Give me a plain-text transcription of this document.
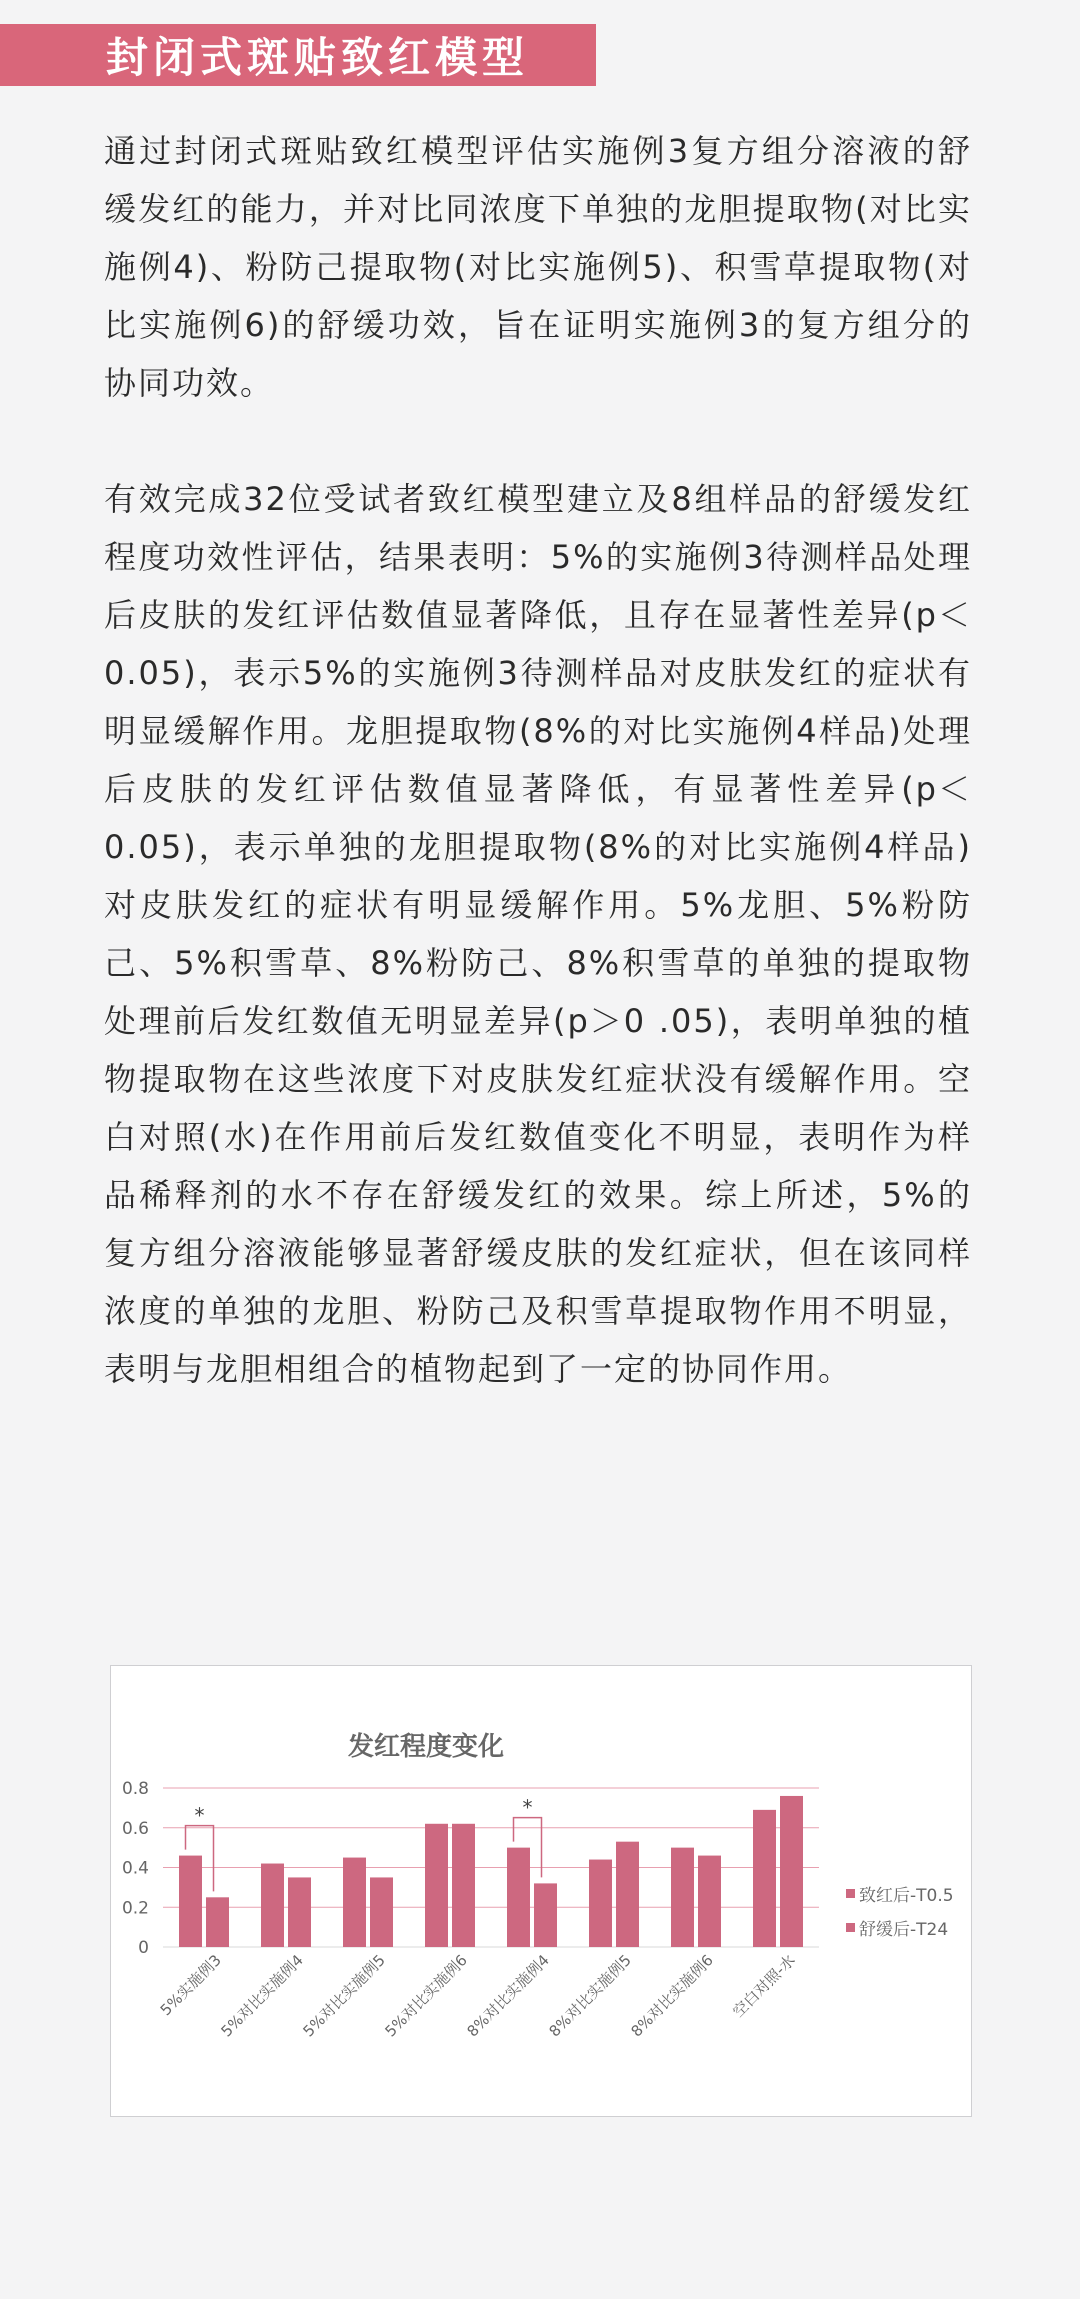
封闭式斑贴致红模型

通过封闭式斑贴致红模型评估实施例3复方组分溶液的舒缓发红的能力，并对比同浓度下单独的龙胆提取物(对比实施例4)、粉防己提取物(对比实施例5)、积雪草提取物(对比实施例6)的舒缓功效，旨在证明实施例3的复方组分的协同功效。

有效完成32位受试者致红模型建立及8组样品的舒缓发红程度功效性评估，结果表明：5%的实施例3待测样品处理后皮肤的发红评估数值显著降低，且存在显著性差异(p＜0.05)，表示5%的实施例3待测样品对皮肤发红的症状有明显缓解作用。龙胆提取物(8%的对比实施例4样品)处理后皮肤的发红评估数值显著降低，有显著性差异(p＜0.05)，表示单独的龙胆提取物(8%的对比实施例4样品)对皮肤发红的症状有明显缓解作用。5%龙胆、5%粉防己、5%积雪草、8%粉防己、8%积雪草的单独的提取物处理前后发红数值无明显差异(p＞0 .05)，表明单独的植物提取物在这些浓度下对皮肤发红症状没有缓解作用。空白对照(水)在作用前后发红数值变化不明显，表明作为样品稀释剂的水不存在舒缓发红的效果。综上所述，5%的复方组分溶液能够显著舒缓皮肤的发红症状，但在该同样浓度的单独的龙胆、粉防己及积雪草提取物作用不明显，表明与龙胆相组合的植物起到了一定的协同作用。

发红程度变化
0.8
0.6
0.4
0.2
0
5%实施例3
5%对比实施例4
5%对比实施例5
5%对比实施例6
8%对比实施例4
8%对比实施例5
8%对比实施例6 空白对照-水
*	*
致红后-T0.5
舒缓后-T24
